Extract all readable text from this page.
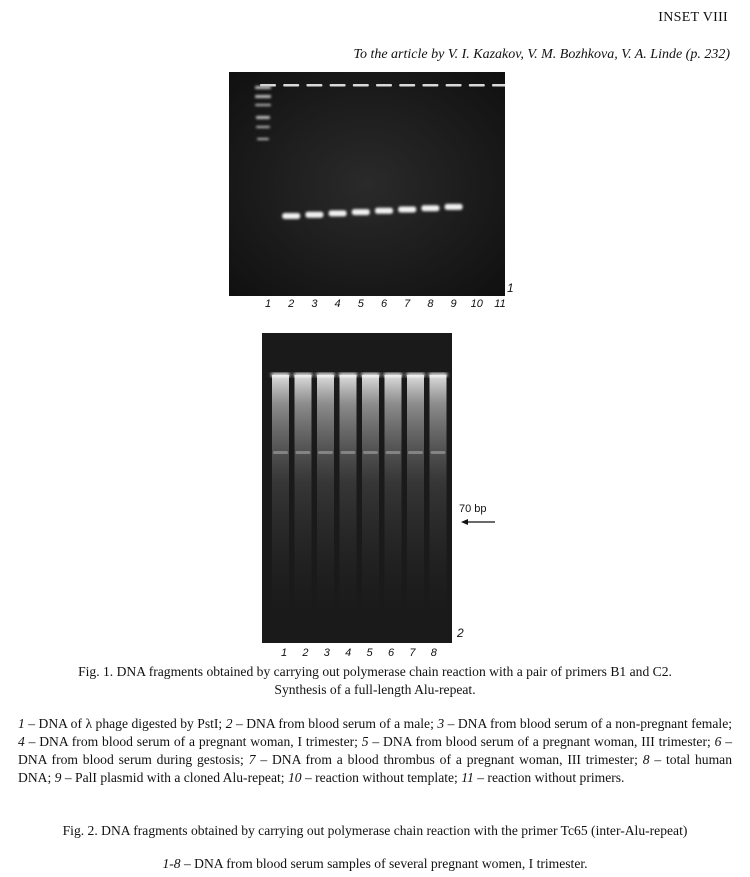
INSET VIII
To the article by V. I. Kazakov, V. M. Bozhkova, V. A. Linde (p. 232)
1	2	3	4	5	6	7	8	9	10	11
1
1	2	3	4	5	6	7	8
70 bp
2
Fig. 1. DNA fragments obtained by carrying out polymerase chain reaction with a pair of primers B1 and C2.
Synthesis of a full-length Alu-repeat.
1 – DNA of λ phage digested by PstI; 2 – DNA from blood serum of a male; 3 – DNA from blood serum of a non-pregnant female; 4 – DNA from blood serum of a pregnant woman, I trimester; 5 – DNA from blood serum of a pregnant woman, III trimester; 6 – DNA from blood serum during gestosis; 7 – DNA from a blood thrombus of a pregnant woman, III trimester; 8 – total human DNA; 9 – PalI plasmid with a cloned Alu-repeat; 10 – reaction without template; 11 – reaction without primers.
Fig. 2. DNA fragments obtained by carrying out polymerase chain reaction with the primer Tc65 (inter-Alu-repeat)
1-8 – DNA from blood serum samples of several pregnant women, I trimester.
